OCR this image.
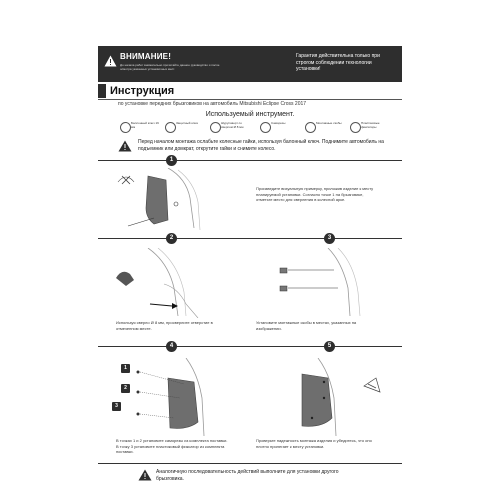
ВНИМАНИЕ!
До начала работ внимательно прочитайте данное руководство и после осмотра указанных установочных мест.
Гарантия действительна только при строгом соблюдении технологии установки!
Инструкция
по установке передних брызговиков на автомобиль Mitsubishi Eclipse Cross 2017
Используемый инструмент.
Баллонный ключ 19 мм
Защитный ключ	Шуруповерт со сверлом Ø 8 мм
Саморезы	Монтажные скобы	Пластиковые фиксаторы
Перед началом монтажа ослабьте колесные гайки, используя балонный ключ. Поднимите автомобиль на подъемник или домкрат, открутите гайки и снимите колесо.
1
Произведите визуальную примерку, приложив изделие к месту планируемой установки. Согласно точке 1 на брызговике, отметьте место для сверления в колесной арке.
2
Используя сверло Ø 8 мм, просверлите отверстие в отмеченном месте.
3
Установите монтажные скобы в местах, указанных на изображении.
4
1
2
3
В точках 1 и 2 установите саморезы из комплекта поставки. В точку 3 установите пластиковый фиксатор из комплекта поставки.
5
Проверьте надежность монтажа изделия и убедитесь, что оно плотно прилегает к месту установки.
Аналогичную последовательность действий выполните для установки другого брызговика.
